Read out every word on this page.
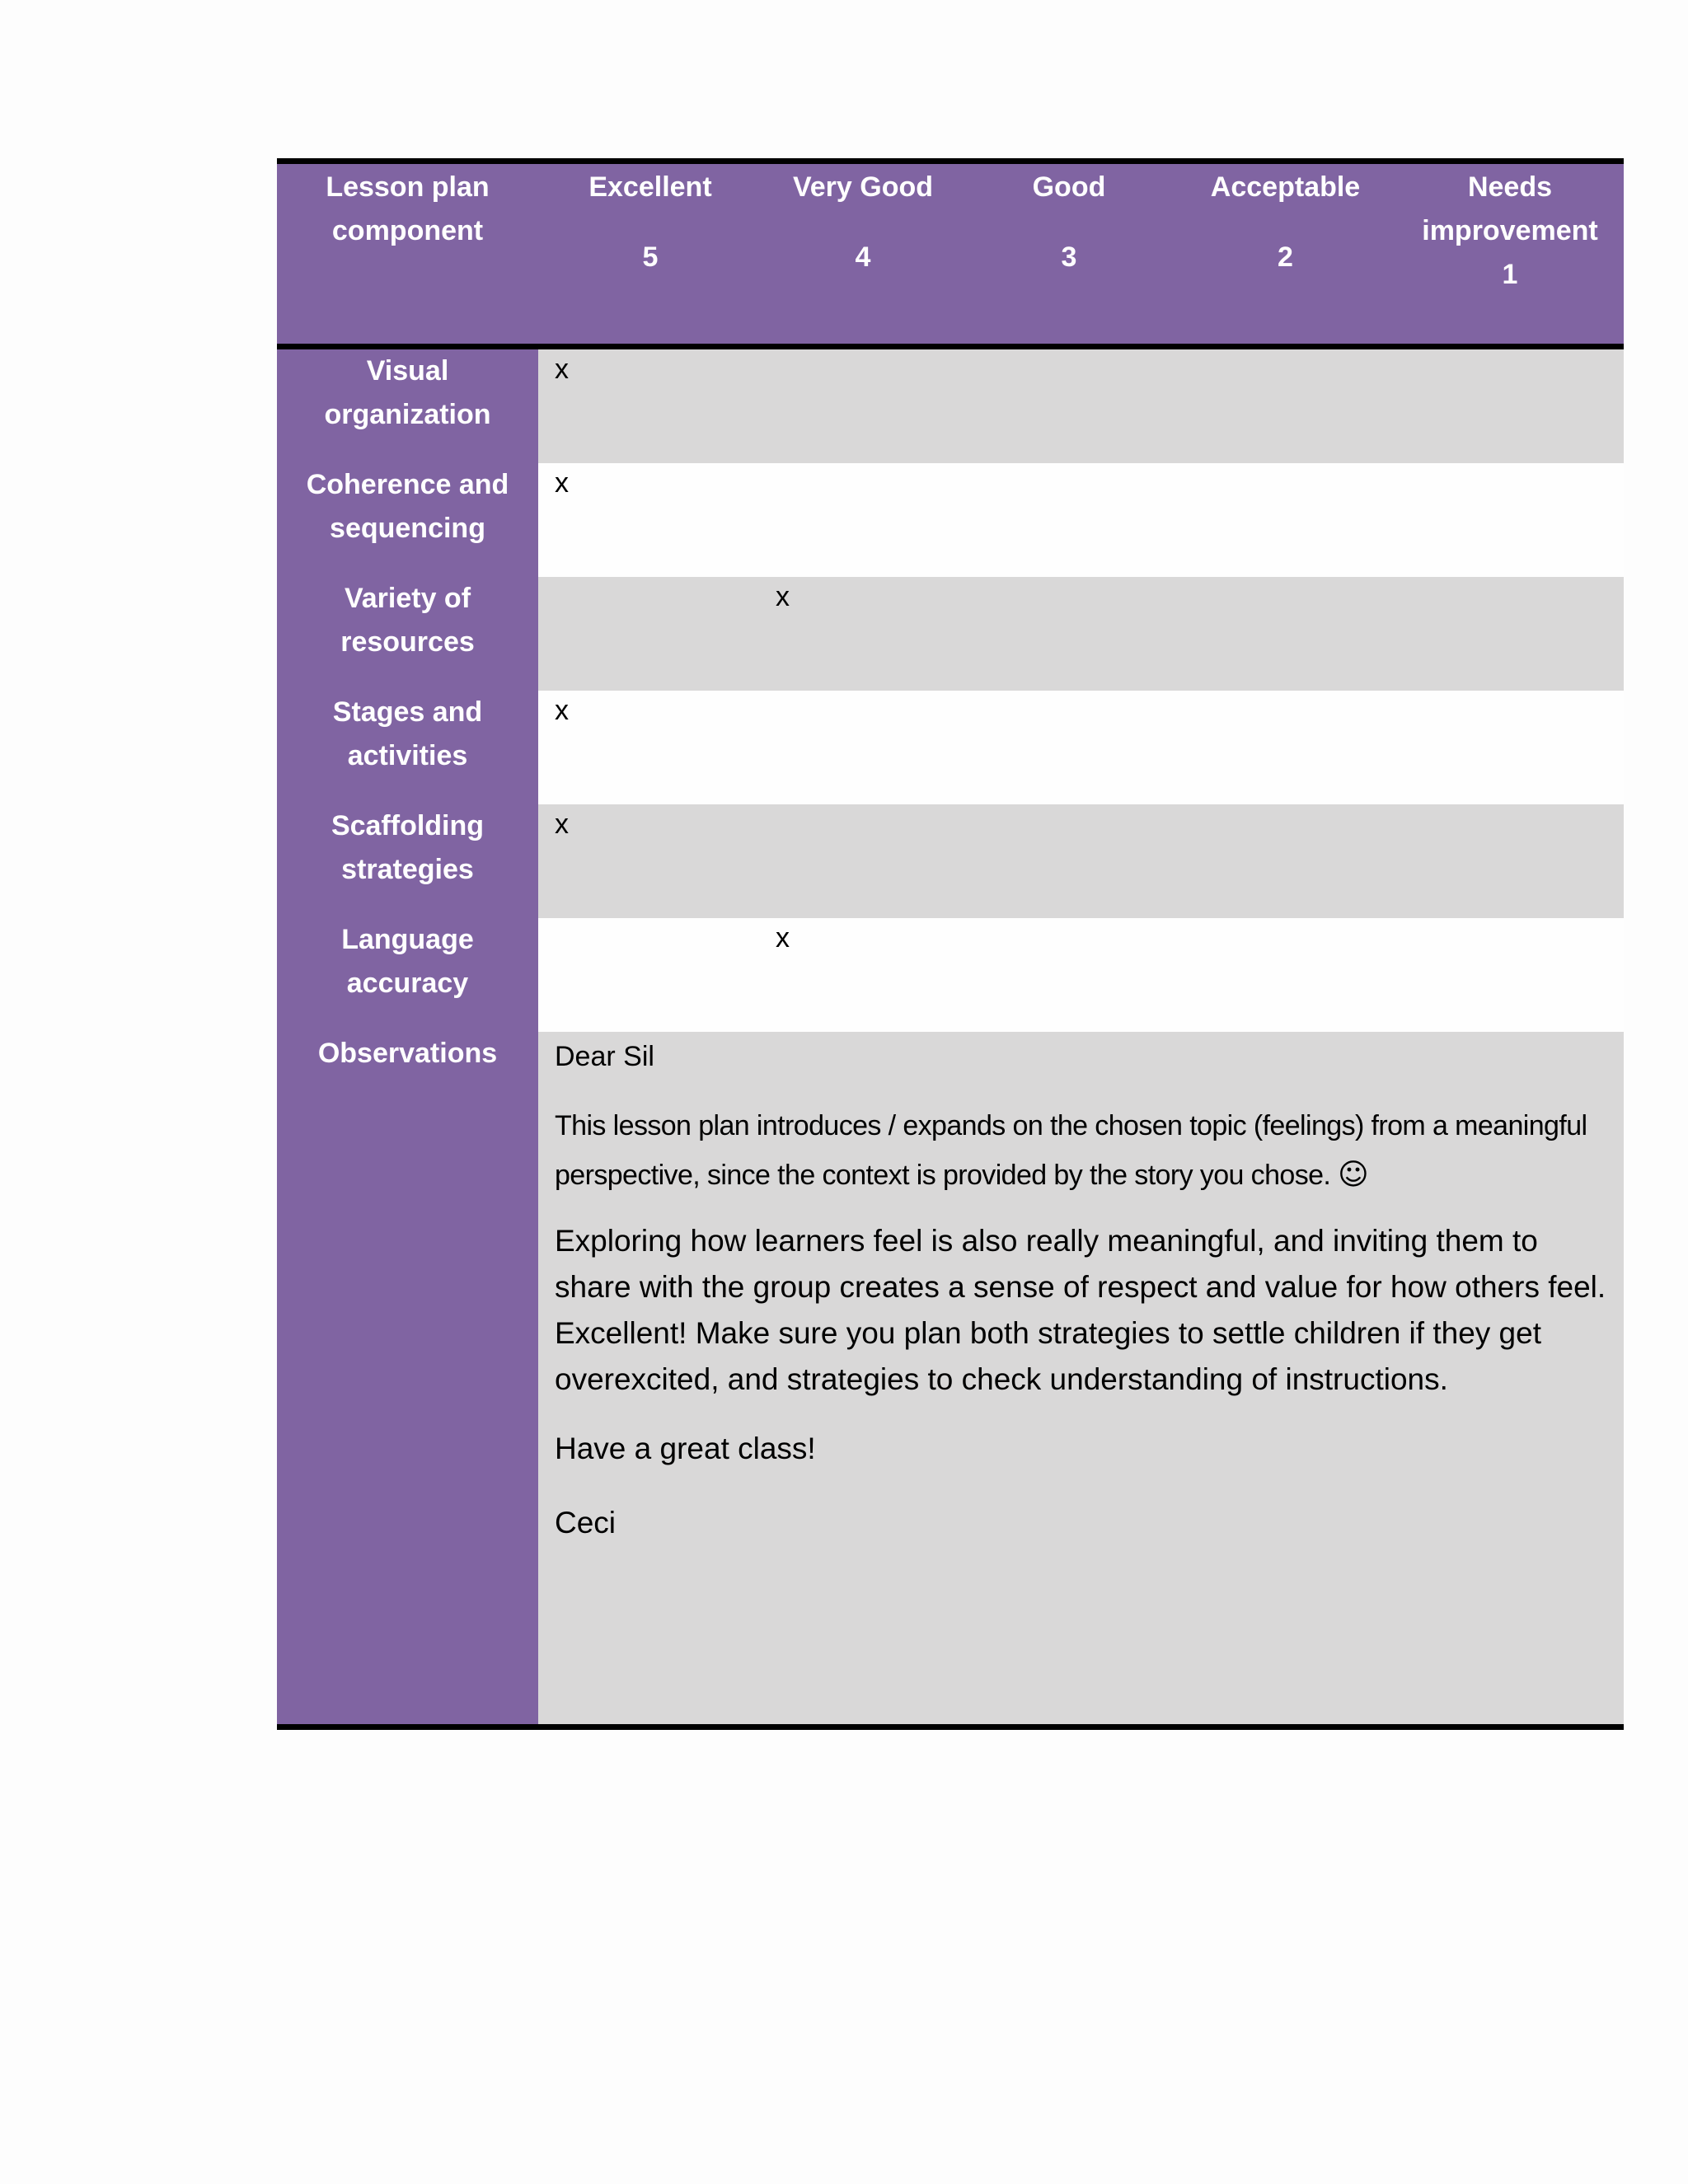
Lesson plan
component
Excellent
5
Very Good
4
Good
3
Acceptable
2
Needs
improvement
1
Visual
organization
x
Coherence and
sequencing
x
Variety of
resources
x
Stages and
activities
x
Scaffolding
strategies
x
Language
accuracy
x
Observations	Dear Sil

This lesson plan introduces / expands on the chosen topic (feelings) from a meaningful perspective, since the context is provided by the story you chose. ☺

Exploring how learners feel is also really meaningful, and inviting them to share with the group creates a sense of respect and value for how others feel. Excellent! Make sure you plan both strategies to settle children if they get overexcited, and strategies to check understanding of instructions.

Have a great class!

Ceci
